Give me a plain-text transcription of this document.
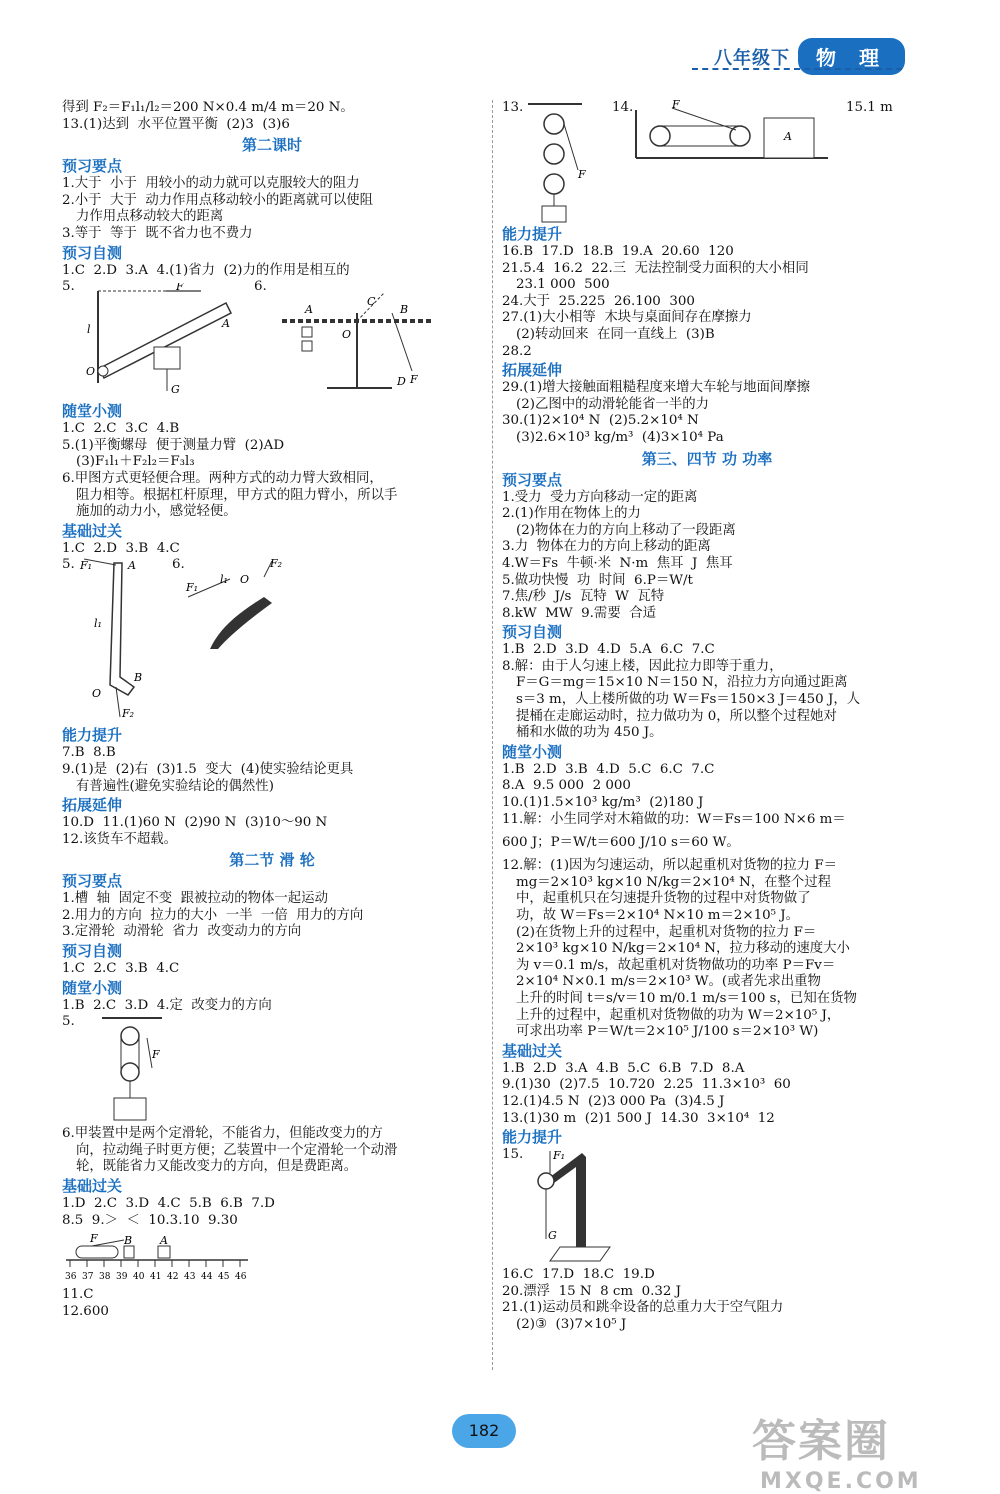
八年级下	物 理
得到 F₂＝F₁l₁/l₂＝200 N×0.4 m/4 m＝20 N。
13.(1)达到  水平位置平衡  (2)3  (3)6
第二课时
预习要点
1.大于  小于  用较小的动力就可以克服较大的阻力
2.小于  大于  动力作用点移动较小的距离就可以使阻
力作用点移动较大的距离
3.等于  等于  既不省力也不费力
预习自测
1.C  2.D  3.A  4.(1)省力  (2)力的作用是相互的
5.	6.
O
l
F
A
G
A	B
C
D F
O
随堂小测
1.C  2.C  3.C  4.B
5.(1)平衡螺母  便于测量力臂  (2)AD
(3)F₁l₁＋F₂l₂＝F₃l₃
6.甲图方式更轻便合理。两种方式的动力臂大致相同，
阻力相等。根据杠杆原理，甲方式的阻力臂小，所以手
施加的动力小，感觉轻便。
基础过关
1.C  2.D  3.B  4.C
5.	6.
F₁	A
l₁
O
B
F₂
F₁
l₁ O
F₂
能力提升
7.B  8.B
9.(1)是  (2)右  (3)1.5  变大  (4)使实验结论更具
有普遍性(避免实验结论的偶然性)
拓展延伸
10.D  11.(1)60 N  (2)90 N  (3)10～90 N
12.该货车不超载。
第二节 滑 轮
预习要点
1.槽  轴  固定不变  跟被拉动的物体一起运动
2.用力的方向  拉力的大小  一半  一倍  用力的方向
3.定滑轮  动滑轮  省力  改变动力的方向
预习自测
1.C  2.C  3.B  4.C
随堂小测
1.B  2.C  3.D  4.定  改变力的方向
5.
F
6.甲装置中是两个定滑轮，不能省力，但能改变力的方
向，拉动绳子时更方便；乙装置中一个定滑轮一个动滑
轮，既能省力又能改变力的方向，但是费距离。
基础过关
1.D  2.C  3.D  4.C  5.B  6.B  7.D
8.5  9.＞  ＜  10.3.10  9.30
36 37 38 39 40 41 42 43 44 45 46
F B	A
11.C
12.600
13.	14.	15.1 m
F
F
A
能力提升
16.B  17.D  18.B  19.A  20.60  120
21.5.4  16.2  22.三  无法控制受力面积的大小相同
23.1 000  500
24.大于  25.225  26.100  300
27.(1)大小相等  木块与桌面间存在摩擦力
(2)转动回来  在同一直线上  (3)B
28.2
拓展延伸
29.(1)增大接触面粗糙程度来增大车轮与地面间摩擦
(2)乙图中的动滑轮能省一半的力
30.(1)2×10⁴ N  (2)5.2×10⁴ N
(3)2.6×10³ kg/m³  (4)3×10⁴ Pa
第三、四节 功 功率
预习要点
1.受力  受力方向移动一定的距离
2.(1)作用在物体上的力
(2)物体在力的方向上移动了一段距离
3.力  物体在力的方向上移动的距离
4.W＝Fs  牛顿·米  N·m  焦耳  J  焦耳
5.做功快慢  功  时间  6.P＝W/t
7.焦/秒  J/s  瓦特  W  瓦特
8.kW  MW  9.需要  合适
预习自测
1.B  2.D  3.D  4.D  5.A  6.C  7.C
8.解：由于人匀速上楼，因此拉力即等于重力，
F＝G＝mg＝15×10 N＝150 N，沿拉力方向通过距离
s＝3 m，人上楼所做的功 W＝Fs＝150×3 J＝450 J，人
提桶在走廊运动时，拉力做功为 0，所以整个过程她对
桶和水做的功为 450 J。
随堂小测
1.B  2.D  3.B  4.D  5.C  6.C  7.C
8.A  9.5 000  2 000
10.(1)1.5×10³ kg/m³  (2)180 J
11.解：小生同学对木箱做的功：W＝Fs＝100 N×6 m＝
600 J；P＝W/t＝600 J/10 s＝60 W。
12.解：(1)因为匀速运动，所以起重机对货物的拉力 F＝
mg＝2×10³ kg×10 N/kg＝2×10⁴ N，在整个过程
中，起重机只在匀速提升货物的过程中对货物做了
功，故 W＝Fs＝2×10⁴ N×10 m＝2×10⁵ J。
(2)在货物上升的过程中，起重机对货物的拉力 F＝
2×10³ kg×10 N/kg＝2×10⁴ N，拉力移动的速度大小
为 v＝0.1 m/s，故起重机对货物做功的功率 P＝Fv＝
2×10⁴ N×0.1 m/s＝2×10³ W。(或者先求出重物
上升的时间 t＝s/v＝10 m/0.1 m/s＝100 s，已知在货物
上升的过程中，起重机对货物做的功为 W＝2×10⁵ J，
可求出功率 P＝W/t＝2×10⁵ J/100 s＝2×10³ W)
基础过关
1.B  2.D  3.A  4.B  5.C  6.B  7.D  8.A
9.(1)30  (2)7.5  10.720  2.25  11.3×10³  60
12.(1)4.5 N  (2)3 000 Pa  (3)4.5 J
13.(1)30 m  (2)1 500 J  14.30  3×10⁴  12
能力提升
15.	F₁
G
16.C  17.D  18.C  19.D
20.漂浮  15 N  8 cm  0.32 J
21.(1)运动员和跳伞设备的总重力大于空气阻力
(2)③  (3)7×10⁵ J
182	答案圈
MXQE.COM
